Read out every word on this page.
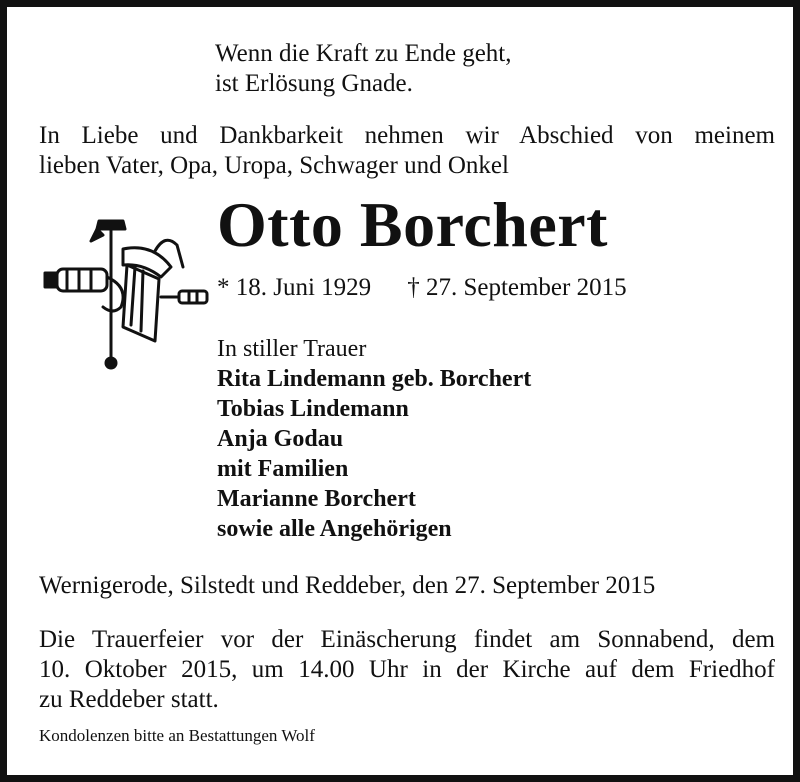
Wenn die Kraft zu Ende geht,
ist Erlösung Gnade.
In Liebe und Dankbarkeit nehmen wir Abschied von meinem
lieben Vater, Opa, Uropa, Schwager und Onkel
Otto Borchert
* 18. Juni 1929 † 27. September 2015
In stiller Trauer
Rita Lindemann geb. Borchert
Tobias Lindemann
Anja Godau
mit Familien
Marianne Borchert
sowie alle Angehörigen
Wernigerode, Silstedt und Reddeber, den 27. September 2015
Die Trauerfeier vor der Einäscherung findet am Sonnabend, dem
10. Oktober 2015, um 14.00 Uhr in der Kirche auf dem Friedhof
zu Reddeber statt.
Kondolenzen bitte an Bestattungen Wolf
